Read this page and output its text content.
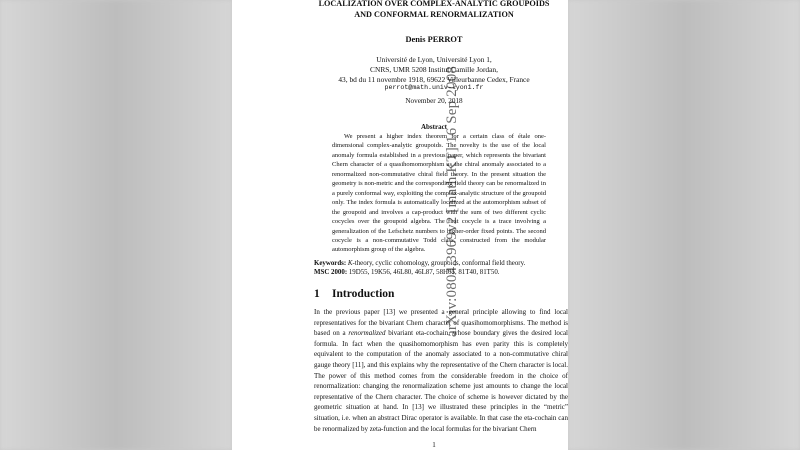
arXiv:0804.3969v2 [math.KT] 16 Sep 2008
LOCALIZATION OVER COMPLEX-ANALYTIC GROUPOIDS
AND CONFORMAL RENORMALIZATION
Denis PERROT
Université de Lyon, Université Lyon 1,
CNRS, UMR 5208 Institut Camille Jordan,
43, bd du 11 novembre 1918, 69622 Villeurbanne Cedex, France
perrot@math.univ-lyon1.fr
November 20, 2018
Abstract

We present a higher index theorem for a certain class of étale one-dimensional complex-analytic groupoids. The novelty is the use of the local anomaly formula established in a previous paper, which represents the bivariant Chern character of a quasihomomorphism as the chiral anomaly associated to a renormalized non-commutative chiral field theory. In the present situation the geometry is non-metric and the corresponding field theory can be renormalized in a purely conformal way, exploiting the complex-analytic structure of the groupoid only. The index formula is automatically localized at the automorphism subset of the groupoid and involves a cap-product with the sum of two different cyclic cocycles over the groupoid algebra. The first cocycle is a trace involving a generalization of the Lefschetz numbers to higher-order fixed points. The second cocycle is a non-commutative Todd class, constructed from the modular automorphism group of the algebra.

Keywords: K-theory, cyclic cohomology, groupoids, conformal field theory.
MSC 2000: 19D55, 19K56, 46L80, 46L87, 58H05, 81T40, 81T50.

1 Introduction

In the previous paper [13] we presented a general principle allowing to find local representatives for the bivariant Chern character of quasihomomorphisms. The method is based on a renormalized bivariant eta-cochain, whose boundary gives the desired local formula. In fact when the quasihomomorphism has even parity this is completely equivalent to the computation of the anomaly associated to a non-commutative chiral gauge theory [11], and this explains why the representative of the Chern character is local. The power of this method comes from the considerable freedom in the choice of renormalization: changing the renormalization scheme just amounts to change the local representative of the Chern character. The choice of scheme is however dictated by the geometric situation at hand. In [13] we illustrated these principles in the “metric” situation, i.e. when an abstract Dirac operator is available. In that case the eta-cochain can be renormalized by zeta-function and the local formulas for the bivariant Chern

1
